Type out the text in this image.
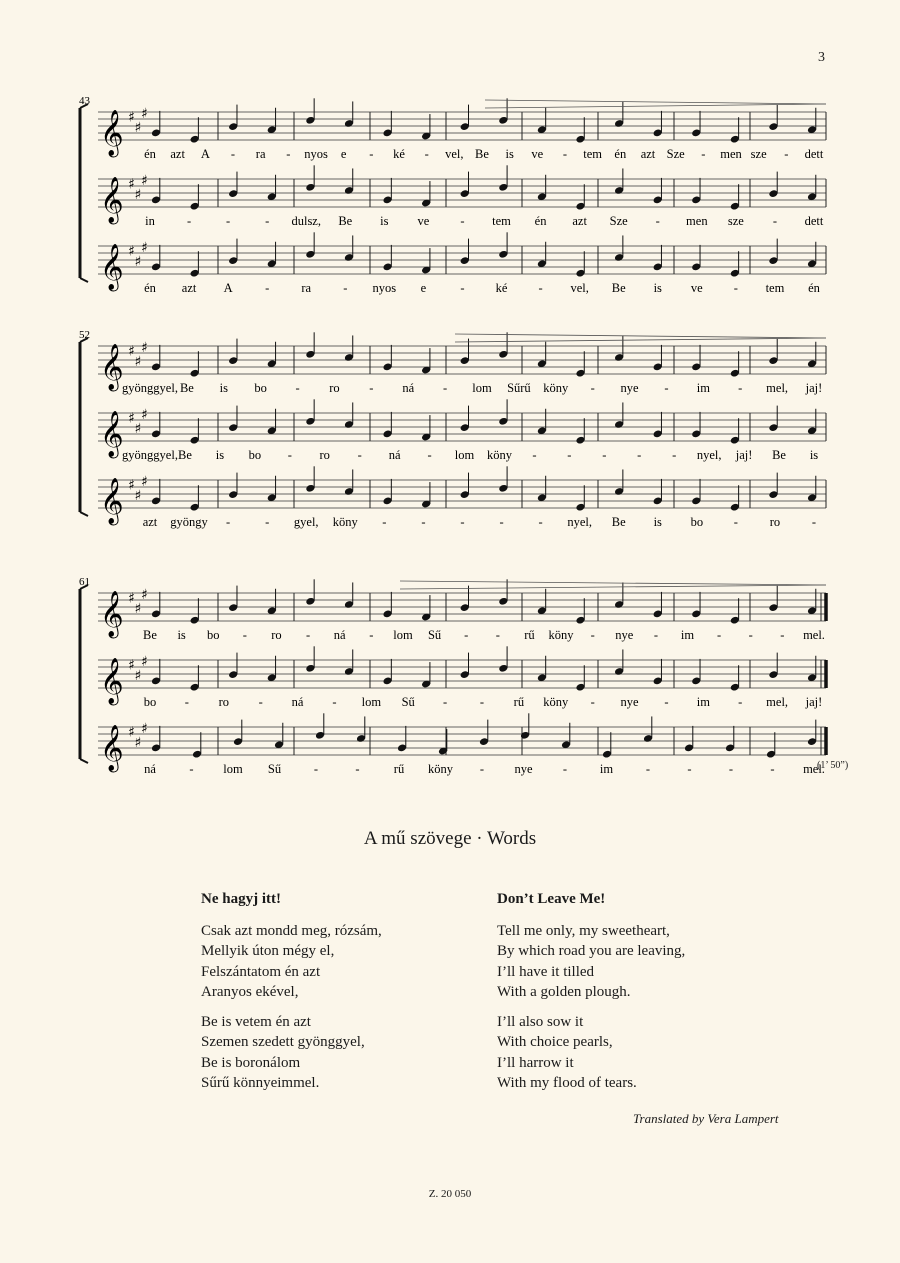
3
43
𝄞 ♯
♯
♯
én azt A - ra - nyos e - ké - vel, Be is ve - tem én azt Sze - men sze - dett
𝄞 ♯
♯
♯
in	-	-	- dulsz, Be is ve - tem én azt Sze - men sze - dett
𝄞 ♯
♯
♯
én azt A	-	ra	- nyos e	- ké - vel, Be is ve - tem én
52
𝄞 ♯
♯
♯
gyönggyel, Be is bo - ro - ná - lom Sűrű köny - nye - im - mel, jaj!
𝄞 ♯
♯
♯
gyönggyel, Be is bo - ro - ná - lom köny - - - - - nyel, jaj! Be is
𝄞 ♯
♯
♯
azt gyöngy -	- gyel, köny -	-	-	-	- nyel, Be is bo -	ro	-
61
𝄞 ♯
♯
♯
Be is bo - ro - ná - lom Sű - - rű köny - nye - im - - - mel.
𝄞 ♯
♯
♯
bo - ro - ná - lom Sű -	- rű köny - nye - im - mel, jaj!
𝄞 ♯
♯
♯
ná	- lom Sű	-	-	rű köny - nye -	im	-	-	-	- mel.
(1’ 50”)
A mű szövege · Words
Ne hagyj itt!

Csak azt mondd meg, rózsám,

Mellyik úton mégy el,

Felszántatom én azt

Aranyos ekével,

Be is vetem én azt

Szemen szedett gyönggyel,

Be is boronálom

Sűrű könnyeimmel.

Don’t Leave Me!

Tell me only, my sweetheart,

By which road you are leaving,

I’ll have it tilled

With a golden plough.

I’ll also sow it

With choice pearls,

I’ll harrow it

With my flood of tears.

Translated by Vera Lampert
Z. 20 050
